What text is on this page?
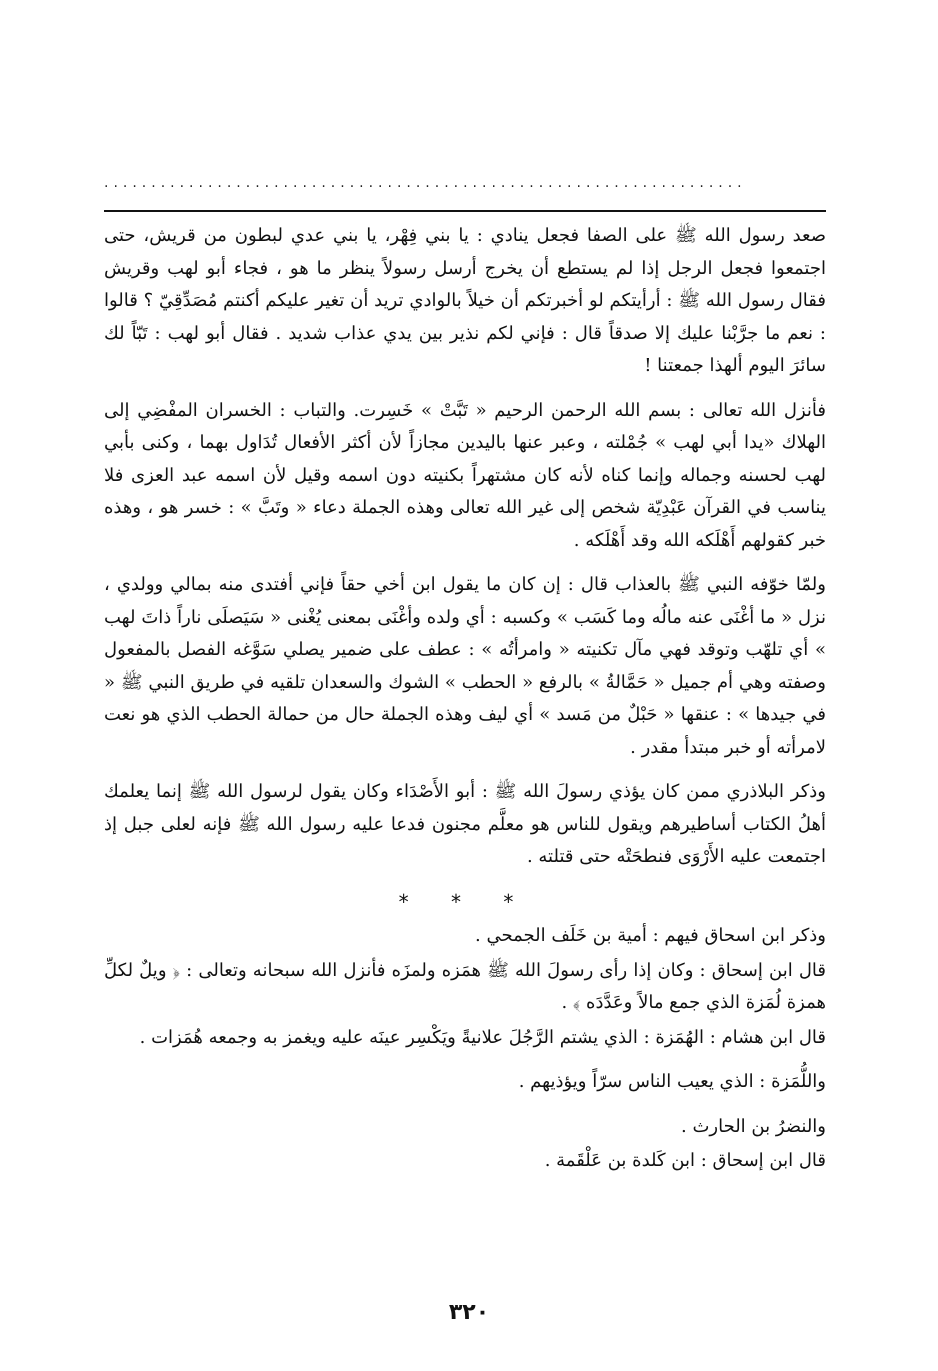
....................................................................

صعد رسول الله ﷺ على الصفا فجعل ينادي : يا بني فِهْر، يا بني عدي لبطون من قريش، حتى اجتمعوا فجعل الرجل إذا لم يستطع أن يخرج أرسل رسولاً ينظر ما هو ، فجاء أبو لهب وقريش فقال رسول الله ﷺ : أرأيتكم لو أخبرتكم أن خيلاً بالوادي تريد أن تغير عليكم أكنتم مُصَدِّقِيّ ؟ قالوا : نعم ما جرَّبْنا عليك إلا صدقاً قال : فإني لكم نذير بين يدي عذاب شديد . فقال أبو لهب : تَبّاً لك سائرَ اليوم ألهذا جمعتنا !

فأنزل الله تعالى : بسم الله الرحمن الرحيم « تَبَّتْ » خَسِرت. والتباب : الخسران المفْضِي إلى الهلاك «يدا أبي لهب » جُمْلته ، وعبر عنها باليدين مجازاً لأن أكثر الأفعال تُدَاول بهما ، وكنى بأبي لهب لحسنه وجماله وإنما كناه لأنه كان مشتهراً بكنيته دون اسمه وقيل لأن اسمه عبد العزى فلا يناسب في القرآن عَبْدِيّة شخص إلى غير الله تعالى وهذه الجملة دعاء « وتَبَّ » : خسر هو ، وهذه خبر كقولهم أَهْلَكه الله وقد أَهْلَكه .

ولمّا خوّفه النبي ﷺ بالعذاب قال : إن كان ما يقول ابن أخي حقاً فإني أفتدى منه بمالي وولدي ، نزل « ما أغْنَى عنه مالُه وما كَسَب » وكسبه : أي ولده وأغْنَى بمعنى يُغْنى « سَيَصلَى ناراً ذاتَ لهب » أي تلهّب وتوقد فهي مآل تكنيته « وامرأتُه » : عطف على ضمير يصلي سَوَّغه الفصل بالمفعول وصفته وهي أم جميل « حَمَّالةُ » بالرفع « الحطب » الشوك والسعدان تلقيه في طريق النبي ﷺ « في جيدها » : عنقها « حَبْلٌ من مَسد » أي ليف وهذه الجملة حال من حمالة الحطب الذي هو نعت لامرأته أو خبر مبتدأ مقدر .

وذكر البلاذري ممن كان يؤذي رسولَ الله ﷺ : أبو الأَصْدَاء وكان يقول لرسول الله ﷺ إنما يعلمك أهلُ الكتاب أساطيرهم ويقول للناس هو معلَّم مجنون فدعا عليه رسول الله ﷺ فإنه لعلى جبل إذ اجتمعت عليه الأَرْوَى فنطحَتْه حتى قتلته .

* * *

وذكر ابن اسحاق فيهم : أمية بن خَلَف الجمحي .

قال ابن إسحاق : وكان إذا رأى رسولَ الله ﷺ همَزه ولمزَه فأنزل الله سبحانه وتعالى : ﴿ ويلٌ لكلِّ همزة لُمَزة الذي جمع مالاً وعَدَّدَه ﴾ .

قال ابن هشام : الهُمَزة : الذي يشتم الرَّجُلَ علانيةً ويَكْسِر عينَه عليه ويغمز به وجمعه هُمَزات .

واللُّمَزة : الذي يعيب الناس سرّاً ويؤذيهم .

والنضرُ بن الحارث .

قال ابن إسحاق : ابن كَلدة بن عَلْقَمة .

٣٢٠
